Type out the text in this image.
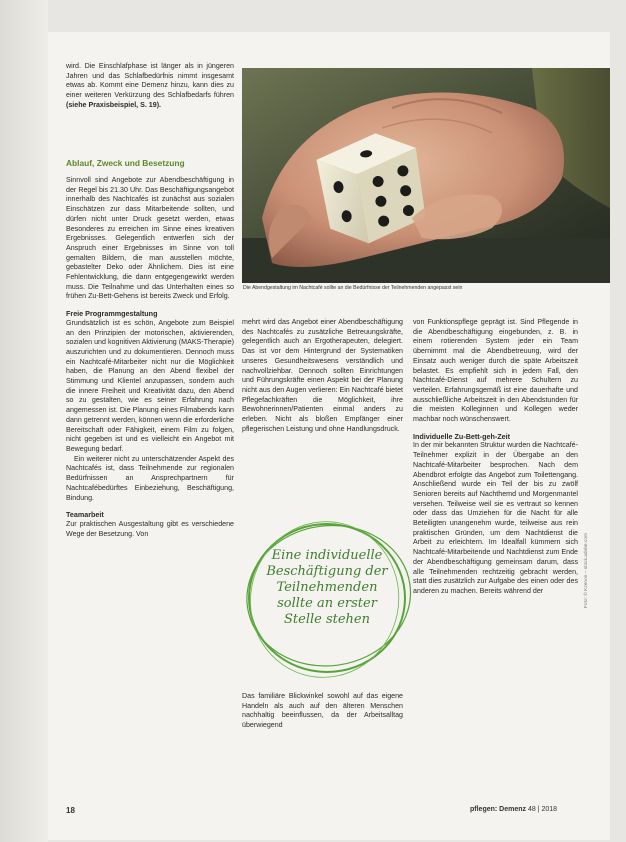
Die Abendgestaltung im Nachtcafé sollte an die Bedürfnisse der Teilnehmenden angepasst sein

wird. Die Einschlafphase ist länger als in jüngeren Jahren und das Schlafbedürfnis nimmt insgesamt etwas ab. Kommt eine Demenz hinzu, kann dies zu einer weiteren Verkürzung des Schlafbedarfs führen (siehe Praxisbeispiel, S. 19).

Ablauf, Zweck und Besetzung

Sinnvoll sind Angebote zur Abendbeschäftigung in der Regel bis 21.30 Uhr. Das Beschäftigungsangebot innerhalb des Nachtcafés ist zunächst aus sozialen Einschätzen zur dass Mitarbeitende sollten, und dürfen nicht unter Druck gesetzt werden, etwas Besonderes zu erreichen im Sinne eines kreativen Ergebnisses. Gelegentlich entwerfen sich der Anspruch einer Ergebnisses im Sinne von toll gemalten Bildern, die man ausstellen möchte, gebastelter Deko oder Ähnlichem. Dies ist eine Fehlentwicklung, die dann entgegengewirkt werden muss. Die Teilnahme und das Unterhalten eines so frühen Zu-Bett-Gehens ist bereits Zweck und Erfolg.

Freie Programmgestaltung

Grundsätzlich ist es schön, Angebote zum Beispiel an den Prinzipien der motorischen, aktivierenden, sozialen und kognitiven Aktivierung (MAKS-Therapie) auszurichten und zu dokumentieren. Dennoch muss ein Nachtcafé-Mitarbeiter nicht nur die Möglichkeit haben, die Planung an den Abend flexibel der Stimmung und Klientel anzupassen, sondern auch die innere Freiheit und Kreativität dazu, den Abend so zu gestalten, wie es seiner Erfahrung nach angemessen ist. Die Planung eines Filmabends kann dann getrennt werden, können wenn die erforderliche Bereitschaft oder Fähigkeit, einem Film zu folgen, nicht gegeben ist und es vielleicht ein Angebot mit Bewegung bedarf.

Ein weiterer nicht zu unterschätzender Aspekt des Nachtcafés ist, dass Teilnehmende zur regionalen Bedürfnissen an Ansprechpartnern für Nachtcafébedürftes Einbeziehung, Beschäftigung, Bindung.

Teamarbeit

Zur praktischen Ausgestaltung gibt es verschiedene Wege der Besetzung. Von

mehrt wird das Angebot einer Abendbeschäftigung des Nachtcafés zu zusätzliche Betreuungskräfte, gelegentlich auch an Ergotherapeuten, delegiert. Das ist vor dem Hintergrund der Systematiken unseres Gesundheitswesens verständlich und nachvollziehbar. Dennoch sollten Einrichtungen und Führungskräfte einen Aspekt bei der Planung nicht aus den Augen verlieren: Ein Nachtcafé bietet Pflegefachkräften die Möglichkeit, ihre Bewohnerinnen/Patienten einmal anders zu erleben. Nicht als bloßen Empfänger einer pflegerischen Leistung und ohne Handlungsdruck.

Eine individuelle Beschäftigung der Teilnehmenden sollte an erster Stelle stehen

Das familiäre Blickwinkel sowohl auf das eigene Handeln als auch auf den älteren Menschen nachhaltig beeinflussen, da der Arbeitsalltag überwiegend

von Funktionspflege geprägt ist. Sind Pflegende in die Abendbeschäftigung eingebunden, z. B. in einem rotierenden System jeder ein Team übernimmt mal die Abendbetreuung, wird der Einsatz auch weniger durch die späte Arbeitszeit belastet. Es empfiehlt sich in jedem Fall, den Nachtcafé-Dienst auf mehrere Schultern zu verteilen. Erfahrungsgemäß ist eine dauerhafte und ausschließliche Arbeitszeit in den Abendstunden für die meisten Kolleginnen und Kollegen weder machbar noch wünschenswert.

Individuelle Zu-Bett-geh-Zeit

In der mir bekannten Struktur wurden die Nachtcafé-Teilnehmer explizit in der Übergabe an den Nachtcafé-Mitarbeiter besprochen. Nach dem Abendbrot erfolgte das Angebot zum Toilettengang. Anschließend wurde ein Teil der bis zu zwölf Senioren bereits auf Nachthemd und Morgenmantel versehen. Teilweise weil sie es vertraut so kennen oder dass das Umziehen für die Nacht für alle Beteiligten unangenehm wurde, teilweise aus rein praktischen Gründen, um dem Nachtdienst die Arbeit zu erleichtern. Im Idealfall kümmern sich Nachtcafé-Mitarbeitende und Nachtdienst zum Ende der Abendbeschäftigung gemeinsam darum, dass alle Teilnehmenden rechtzeitig gebracht werden, statt dies zusätzlich zur Aufgabe des einen oder des anderen zu machen. Bereits während der	Foto: © Kzenon – stock.adobe.com
18	pflegen: Demenz 48 | 2018
